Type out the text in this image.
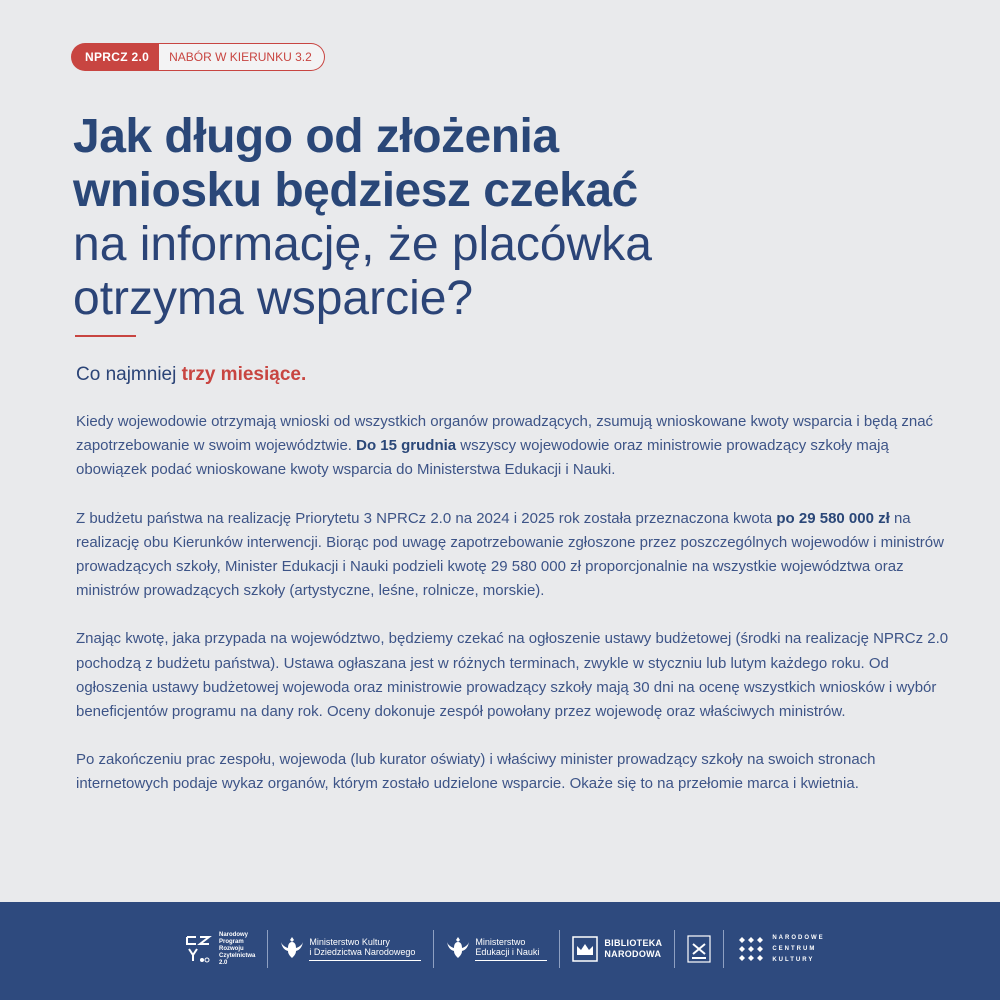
NPRCZ 2.0	NABÓR W KIERUNKU 3.2
Jak długo od złożenia
wniosku będziesz czekać
na informację, że placówka
otrzyma wsparcie?
Co najmniej trzy miesiące.

Kiedy wojewodowie otrzymają wnioski od wszystkich organów prowadzących, zsumują wnioskowane kwoty wsparcia i będą znać zapotrzebowanie w swoim województwie. Do 15 grudnia wszyscy wojewodowie oraz ministrowie prowadzący szkoły mają obowiązek podać wnioskowane kwoty wsparcia do Ministerstwa Edukacji i Nauki.

Z budżetu państwa na realizację Priorytetu 3 NPRCz 2.0 na 2024 i 2025 rok została przeznaczona kwota po 29 580 000 zł na realizację obu Kierunków interwencji. Biorąc pod uwagę zapotrzebowanie zgłoszone przez poszczególnych wojewodów i ministrów prowadzących szkoły, Minister Edukacji i Nauki podzieli kwotę 29 580 000 zł proporcjonalnie na wszystkie województwa oraz ministrów prowadzących szkoły (artystyczne, leśne, rolnicze, morskie).

Znając kwotę, jaka przypada na województwo, będziemy czekać na ogłoszenie ustawy budżetowej (środki na realizację NPRCz 2.0 pochodzą z budżetu państwa). Ustawa ogłaszana jest w różnych terminach, zwykle w styczniu lub lutym każdego roku. Od ogłoszenia ustawy budżetowej wojewoda oraz ministrowie prowadzący szkoły mają 30 dni na ocenę wszystkich wniosków i wybór beneficjentów programu na dany rok. Oceny dokonuje zespół powołany przez wojewodę oraz właściwych ministrów.

Po zakończeniu prac zespołu, wojewoda (lub kurator oświaty) i właściwy minister prowadzący szkoły na swoich stronach internetowych podaje wykaz organów, którym zostało udzielone wsparcie. Okaże się to na przełomie marca i kwietnia.

Narodowy
Program
Rozwoju
Czytelnictwa
2.0
Ministerstwo Kultury
i Dziedzictwa Narodowego
Ministerstwo
Edukacji i Nauki
BIBLIOTEKA
NARODOWA
NARODOWE
CENTRUM
KULTURY
